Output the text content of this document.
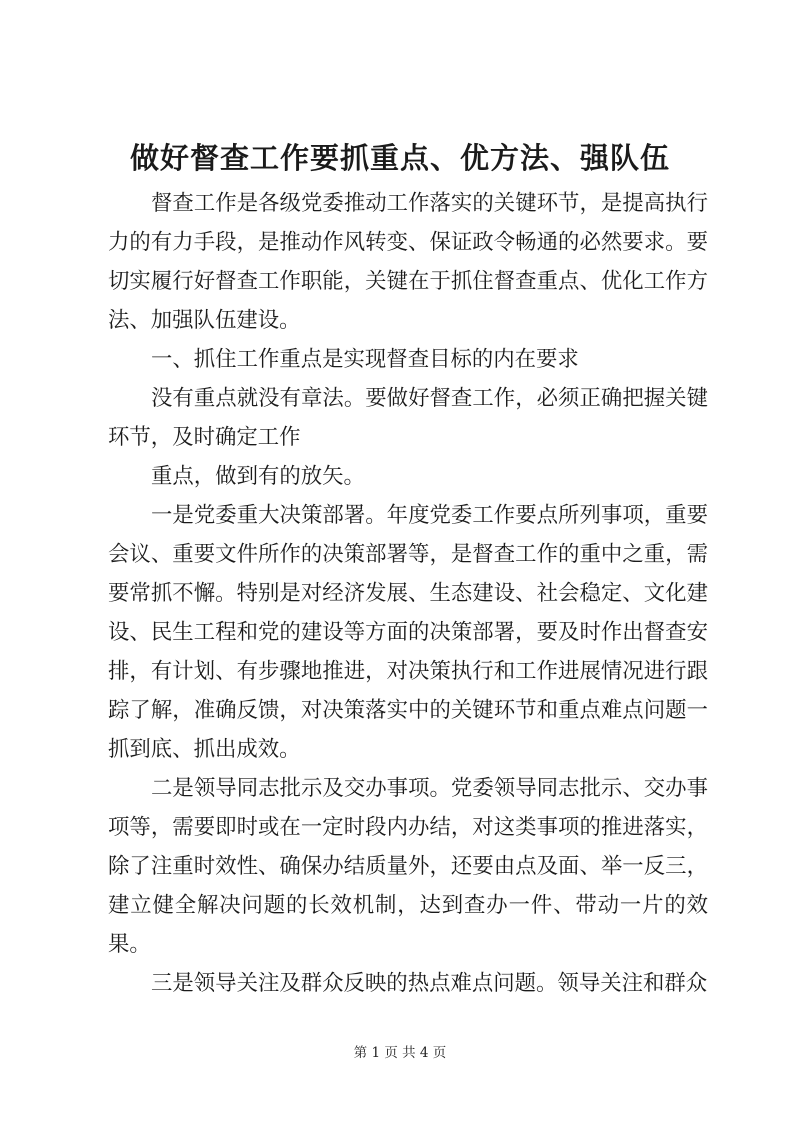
做好督查工作要抓重点、优方法、强队伍

督查工作是各级党委推动工作落实的关键环节，是提高执行力的有力手段，是推动作风转变、保证政令畅通的必然要求。要切实履行好督查工作职能，关键在于抓住督查重点、优化工作方法、加强队伍建设。

一、抓住工作重点是实现督查目标的内在要求

没有重点就没有章法。要做好督查工作，必须正确把握关键环节，及时确定工作

重点，做到有的放矢。

一是党委重大决策部署。年度党委工作要点所列事项，重要会议、重要文件所作的决策部署等，是督查工作的重中之重，需要常抓不懈。特别是对经济发展、生态建设、社会稳定、文化建设、民生工程和党的建设等方面的决策部署，要及时作出督查安排，有计划、有步骤地推进，对决策执行和工作进展情况进行跟踪了解，准确反馈，对决策落实中的关键环节和重点难点问题一抓到底、抓出成效。

二是领导同志批示及交办事项。党委领导同志批示、交办事项等，需要即时或在一定时段内办结，对这类事项的推进落实，除了注重时效性、确保办结质量外，还要由点及面、举一反三，建立健全解决问题的长效机制，达到查办一件、带动一片的效果。

三是领导关注及群众反映的热点难点问题。领导关注和群众

第 1 页 共 4 页
